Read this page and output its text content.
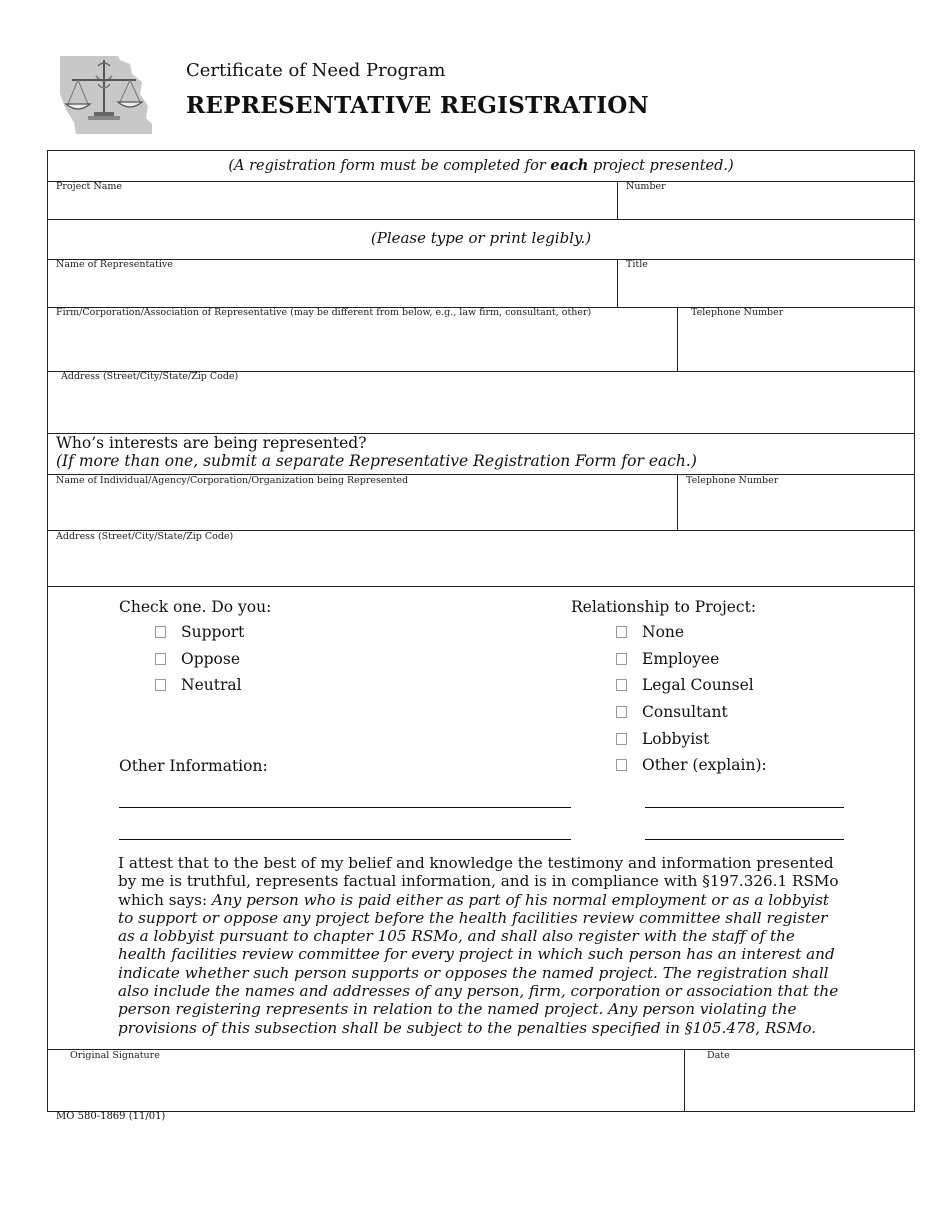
Certificate of Need Program
REPRESENTATIVE REGISTRATION
(A registration form must be completed for each project presented.)
Project Name	Number
(Please type or print legibly.)
Name of Representative	Title
Firm/Corporation/Association of Representative (may be different from below, e.g., law firm, consultant, other)	Telephone Number
Address (Street/City/State/Zip Code)
Who’s interests are being represented?
(If more than one, submit a separate Representative Registration Form for each.)
Name of Individual/Agency/Corporation/Organization being Represented	Telephone Number
Address (Street/City/State/Zip Code)
Check one. Do you:
Support
Oppose
Neutral
Relationship to Project:
None
Employee
Legal Counsel
Consultant
Lobbyist
Other (explain):
Other Information:
I attest that to the best of my belief and knowledge the testimony and information presented by me is truthful, represents factual information, and is in compliance with §197.326.1 RSMo which says: Any person who is paid either as part of his normal employment or as a lobbyist to support or oppose any project before the health facilities review committee shall register as a lobbyist pursuant to chapter 105 RSMo, and shall also register with the staff of the health facilities review committee for every project in which such person has an interest and indicate whether such person supports or opposes the named project. The registration shall also include the names and addresses of any person, firm, corporation or association that the person registering represents in relation to the named project. Any person violating the provisions of this subsection shall be subject to the penalties specified in §105.478, RSMo.
Original Signature	Date
MO 580-1869 (11/01)
